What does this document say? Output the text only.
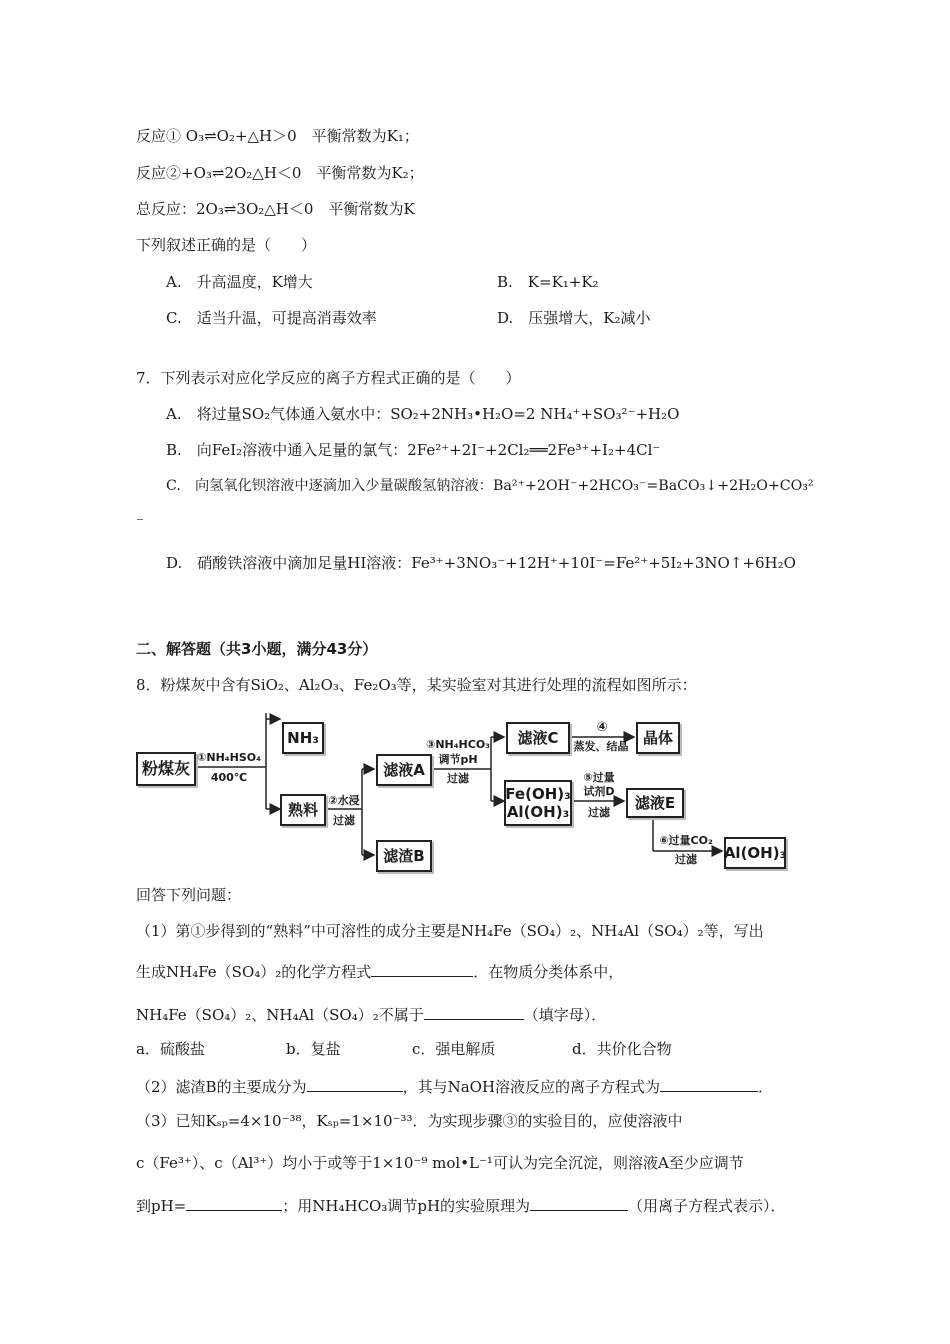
反应① O₃⇌O₂+△H＞0　平衡常数为K₁；
反应②+O₃⇌2O₂△H＜0　平衡常数为K₂；
总反应：2O₃⇌3O₂△H＜0　平衡常数为K
下列叙述正确的是（　　）
A.　升高温度，K增大	B.　K=K₁+K₂
C.　适当升温，可提高消毒效率	D.　压强增大，K₂减小
7．下列表示对应化学反应的离子方程式正确的是（　　）
A.　将过量SO₂气体通入氨水中：SO₂+2NH₃•H₂O=2 NH₄⁺+SO₃²⁻+H₂O
B.　向FeI₂溶液中通入足量的氯气：2Fe²⁺+2I⁻+2Cl₂══2Fe³⁺+I₂+4Cl⁻
C.　向氢氧化钡溶液中逐滴加入少量碳酸氢钠溶液：Ba²⁺+2OH⁻+2HCO₃⁻=BaCO₃↓+2H₂O+CO₃²
⁻
D.　硝酸铁溶液中滴加足量HI溶液：Fe³⁺+3NO₃⁻+12H⁺+10I⁻=Fe²⁺+5I₂+3NO↑+6H₂O
二、解答题（共3小题，满分43分）
8．粉煤灰中含有SiO₂、Al₂O₃、Fe₂O₃等，某实验室对其进行处理的流程如图所示：
粉煤灰
①NH₄HSO₄
400℃
NH₃
熟料
②水浸
过滤
滤液A
滤渣B
③NH₄HCO₃
调节pH
过滤
滤液C
④
蒸发、结晶 晶体
Fe(OH)₃
Al(OH)₃
⑤过量
试剂D
过滤
滤液E
⑥过量CO₂
过滤	Al(OH)₃
回答下列问题：
（1）第①步得到的“熟料”中可溶性的成分主要是NH₄Fe（SO₄）₂、NH₄Al（SO₄）₂等，写出
生成NH₄Fe（SO₄）₂的化学方程式	．在物质分类体系中，
NH₄Fe（SO₄）₂、NH₄Al（SO₄）₂不属于	（填字母）．
a．硫酸盐	b．复盐	c．强电解质	d．共价化合物
（2）滤渣B的主要成分为	，其与NaOH溶液反应的离子方程式为	．
（3）已知Kₛₚ=4×10⁻³⁸，Kₛₚ=1×10⁻³³．为实现步骤③的实验目的，应使溶液中
c（Fe³⁺）、c（Al³⁺）均小于或等于1×10⁻⁹ mol•L⁻¹可认为完全沉淀，则溶液A至少应调节
到pH=	；用NH₄HCO₃调节pH的实验原理为	（用离子方程式表示）．
